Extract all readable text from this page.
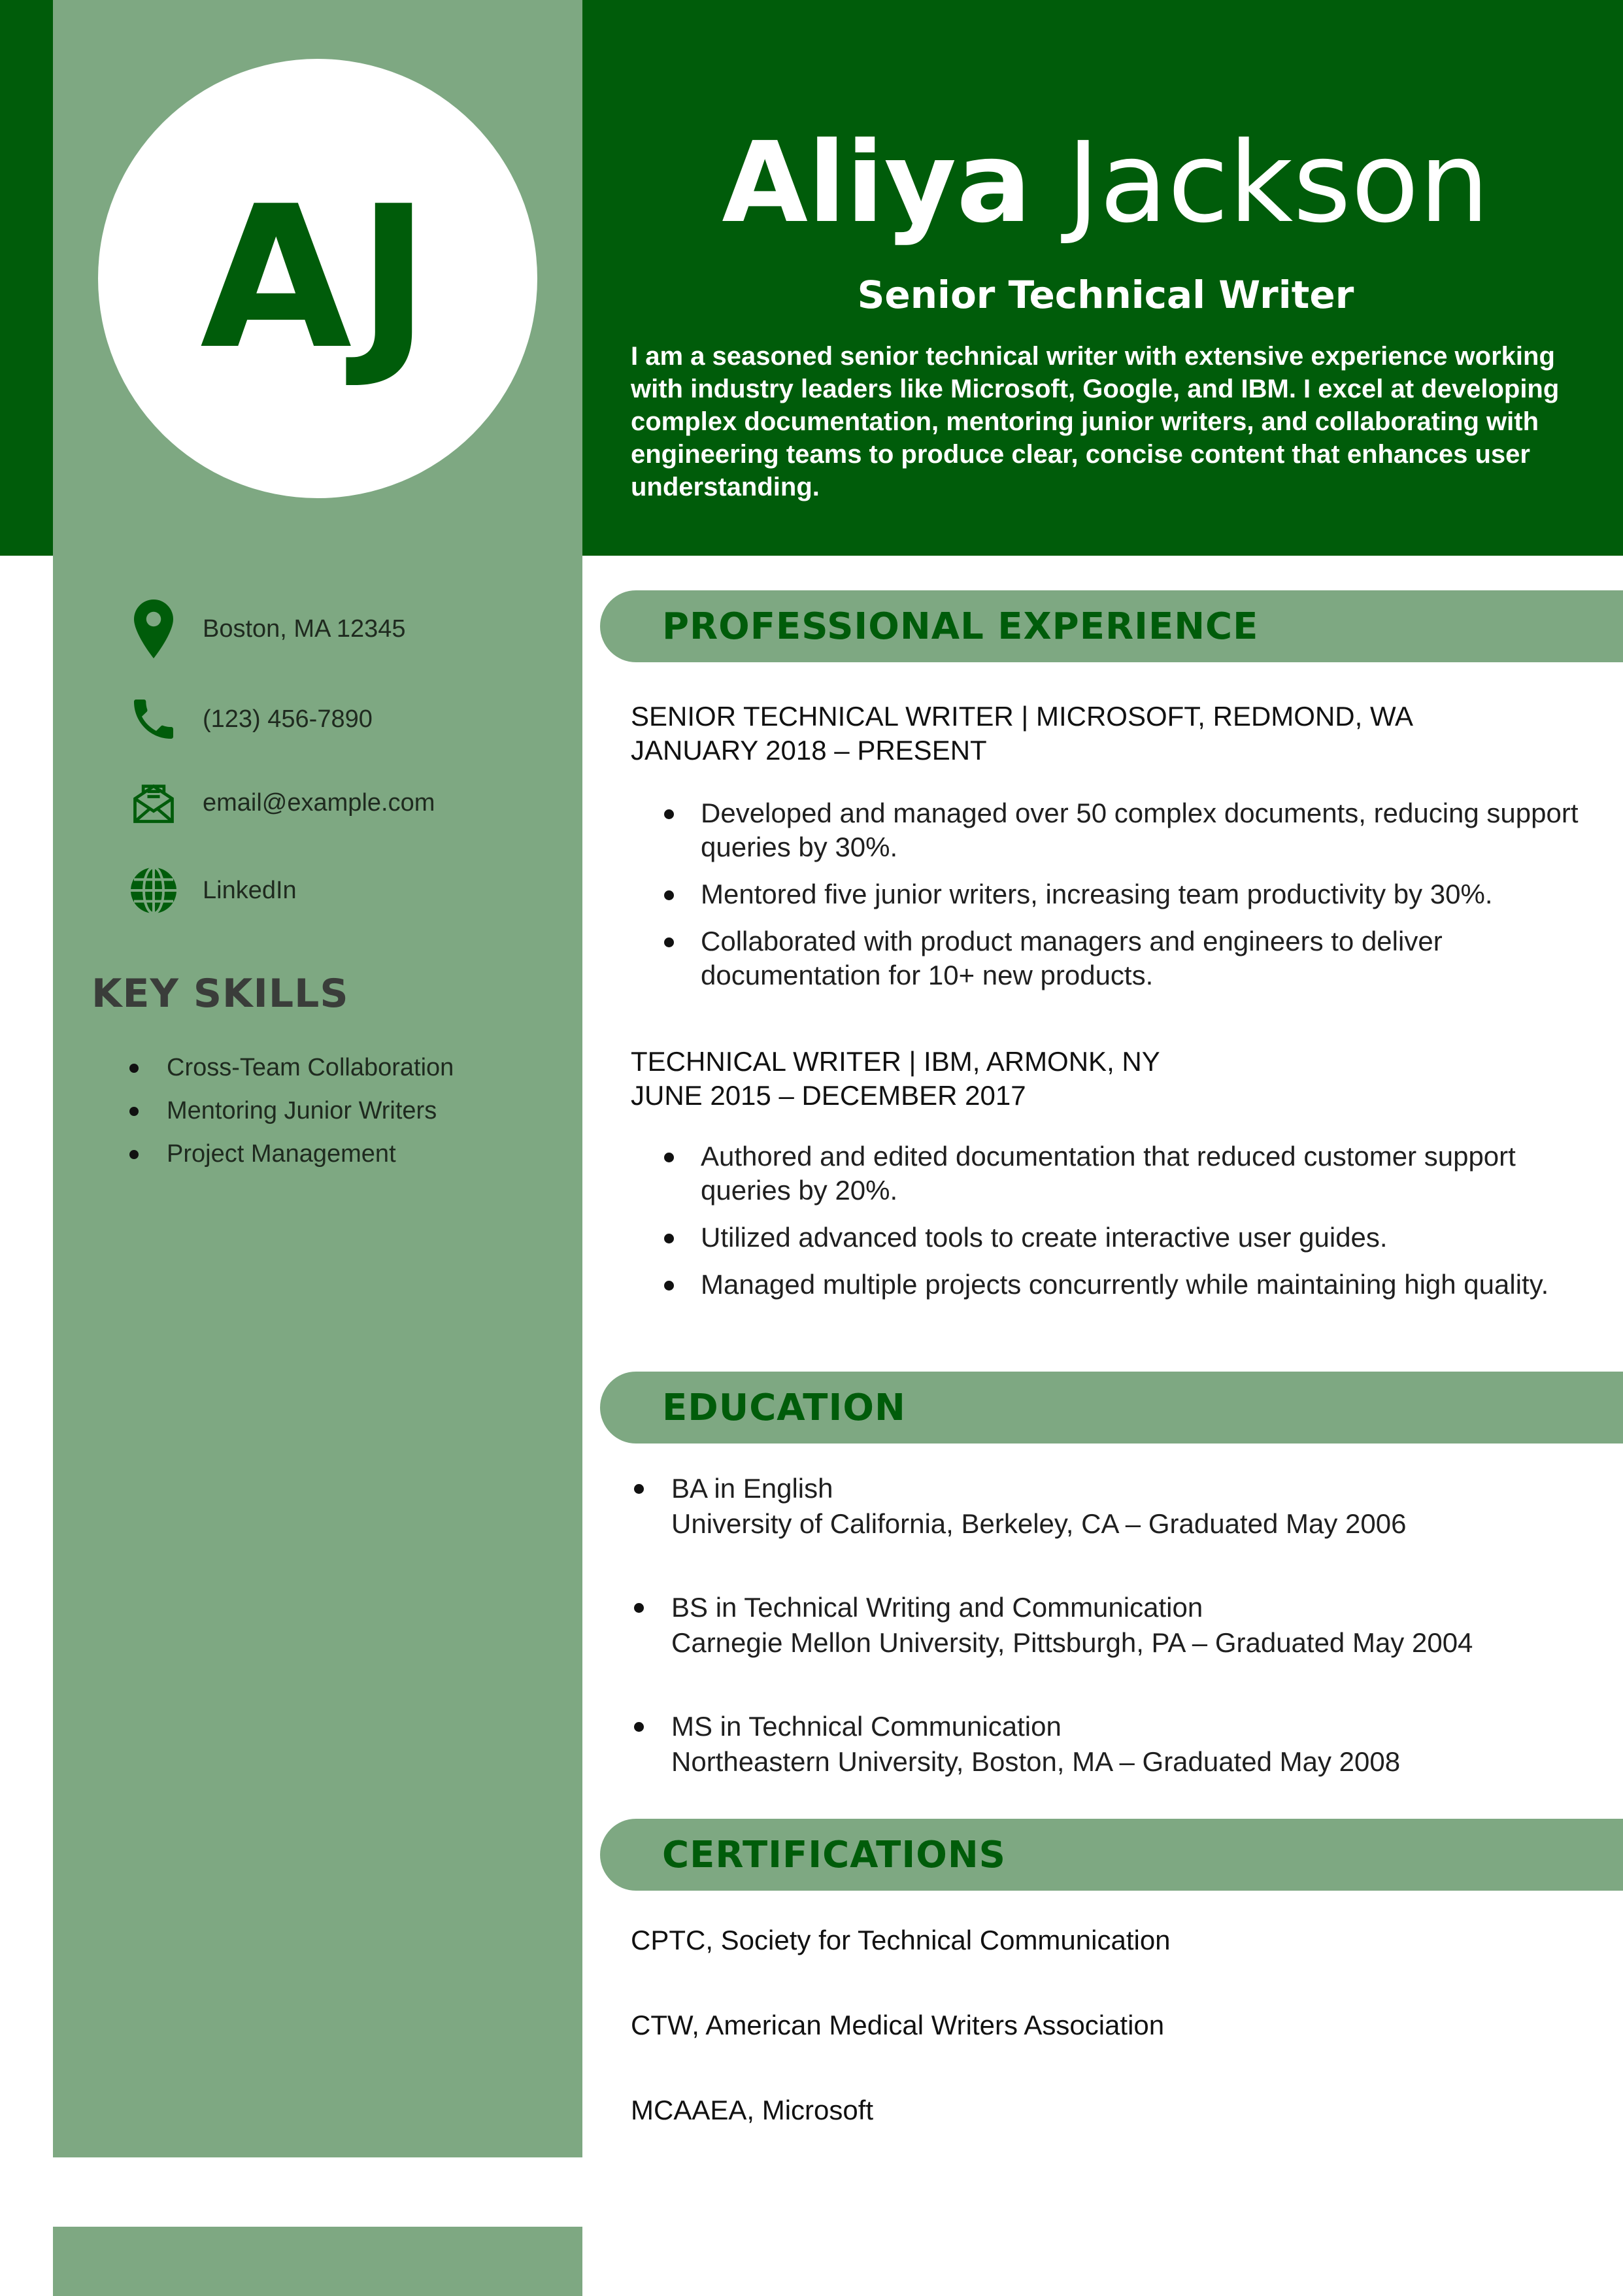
AJ	Aliya Jackson
Senior Technical Writer

I am a seasoned senior technical writer with extensive experience working with industry leaders like Microsoft, Google, and IBM. I excel at developing complex documentation, mentoring junior writers, and collaborating with engineering teams to produce clear, concise content that enhances user understanding.

Boston, MA 12345
(123) 456-7890
email@example.com
LinkedIn
KEY SKILLS
Cross-Team Collaboration
Mentoring Junior Writers
Project Management
PROFESSIONAL EXPERIENCE
SENIOR TECHNICAL WRITER | MICROSOFT, REDMOND, WA
JANUARY 2018 – PRESENT
Developed and managed over 50 complex documents, reducing support queries by 30%.
Mentored five junior writers, increasing team productivity by 30%.
Collaborated with product managers and engineers to deliver documentation for 10+ new products.
TECHNICAL WRITER | IBM, ARMONK, NY
JUNE 2015 – DECEMBER 2017
Authored and edited documentation that reduced customer support queries by 20%.
Utilized advanced tools to create interactive user guides.
Managed multiple projects concurrently while maintaining high quality.
EDUCATION
BA in English
University of California, Berkeley, CA – Graduated May 2006
BS in Technical Writing and Communication
Carnegie Mellon University, Pittsburgh, PA – Graduated May 2004
MS in Technical Communication
Northeastern University, Boston, MA – Graduated May 2008
CERTIFICATIONS
CPTC, Society for Technical Communication
CTW, American Medical Writers Association
MCAAEA, Microsoft
